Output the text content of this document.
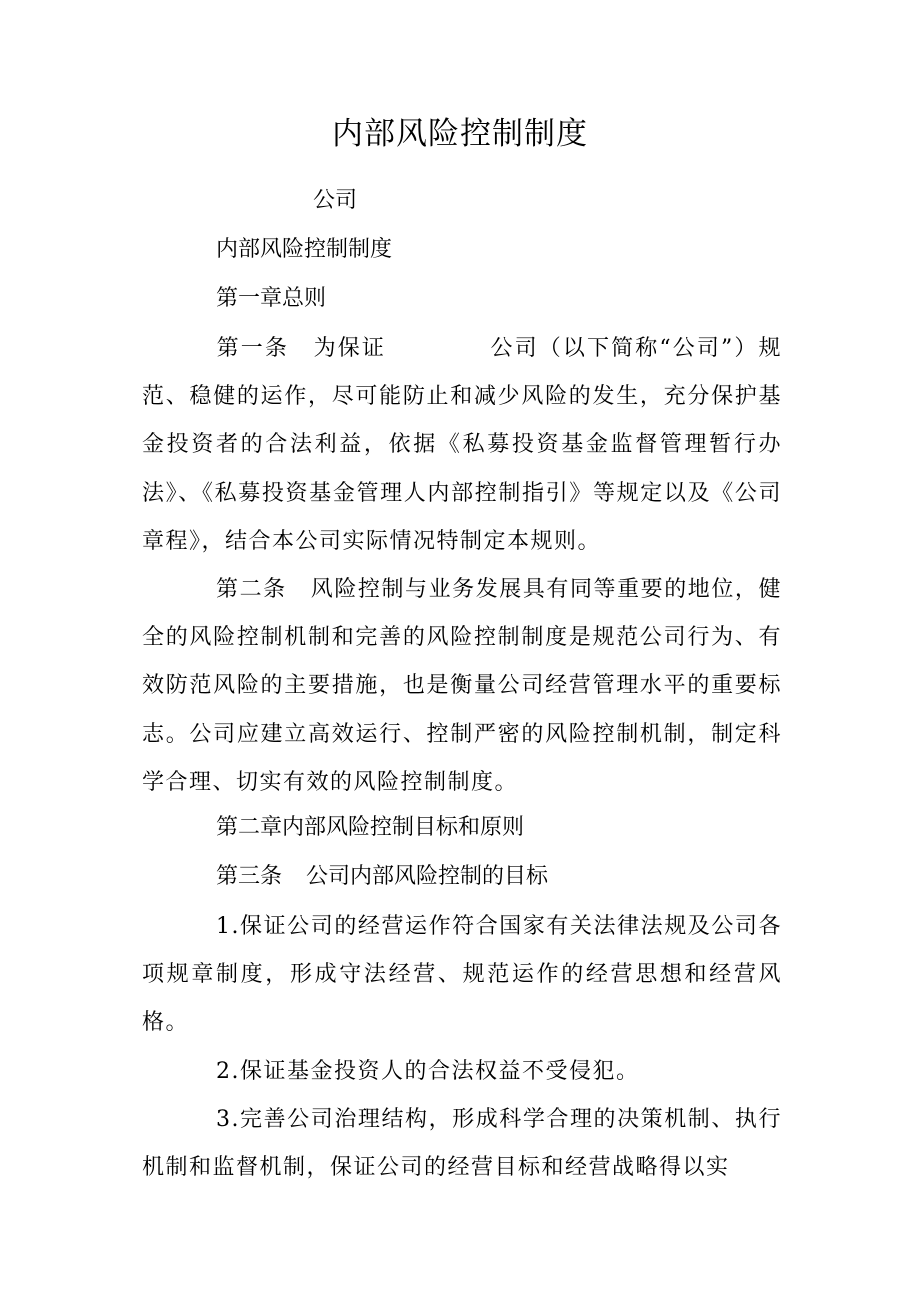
内部风险控制制度
公司
内部风险控制制度
第一章总则
第一条 为保证	公司（以下简称“公司”）规范、稳健的运作，尽可能防止和减少风险的发生，充分保护基金投资者的合法利益，依据《私募投资基金监督管理暂行办法》、《私募投资基金管理人内部控制指引》等规定以及《公司章程》，结合本公司实际情况特制定本规则。
第二条 风险控制与业务发展具有同等重要的地位，健全的风险控制机制和完善的风险控制制度是规范公司行为、有效防范风险的主要措施，也是衡量公司经营管理水平的重要标志。公司应建立高效运行、控制严密的风险控制机制，制定科学合理、切实有效的风险控制制度。
第二章内部风险控制目标和原则
第三条 公司内部风险控制的目标
1.保证公司的经营运作符合国家有关法律法规及公司各项规章制度，形成守法经营、规范运作的经营思想和经营风格。
2.保证基金投资人的合法权益不受侵犯。
3.完善公司治理结构，形成科学合理的决策机制、执行机制和监督机制，保证公司的经营目标和经营战略得以实
